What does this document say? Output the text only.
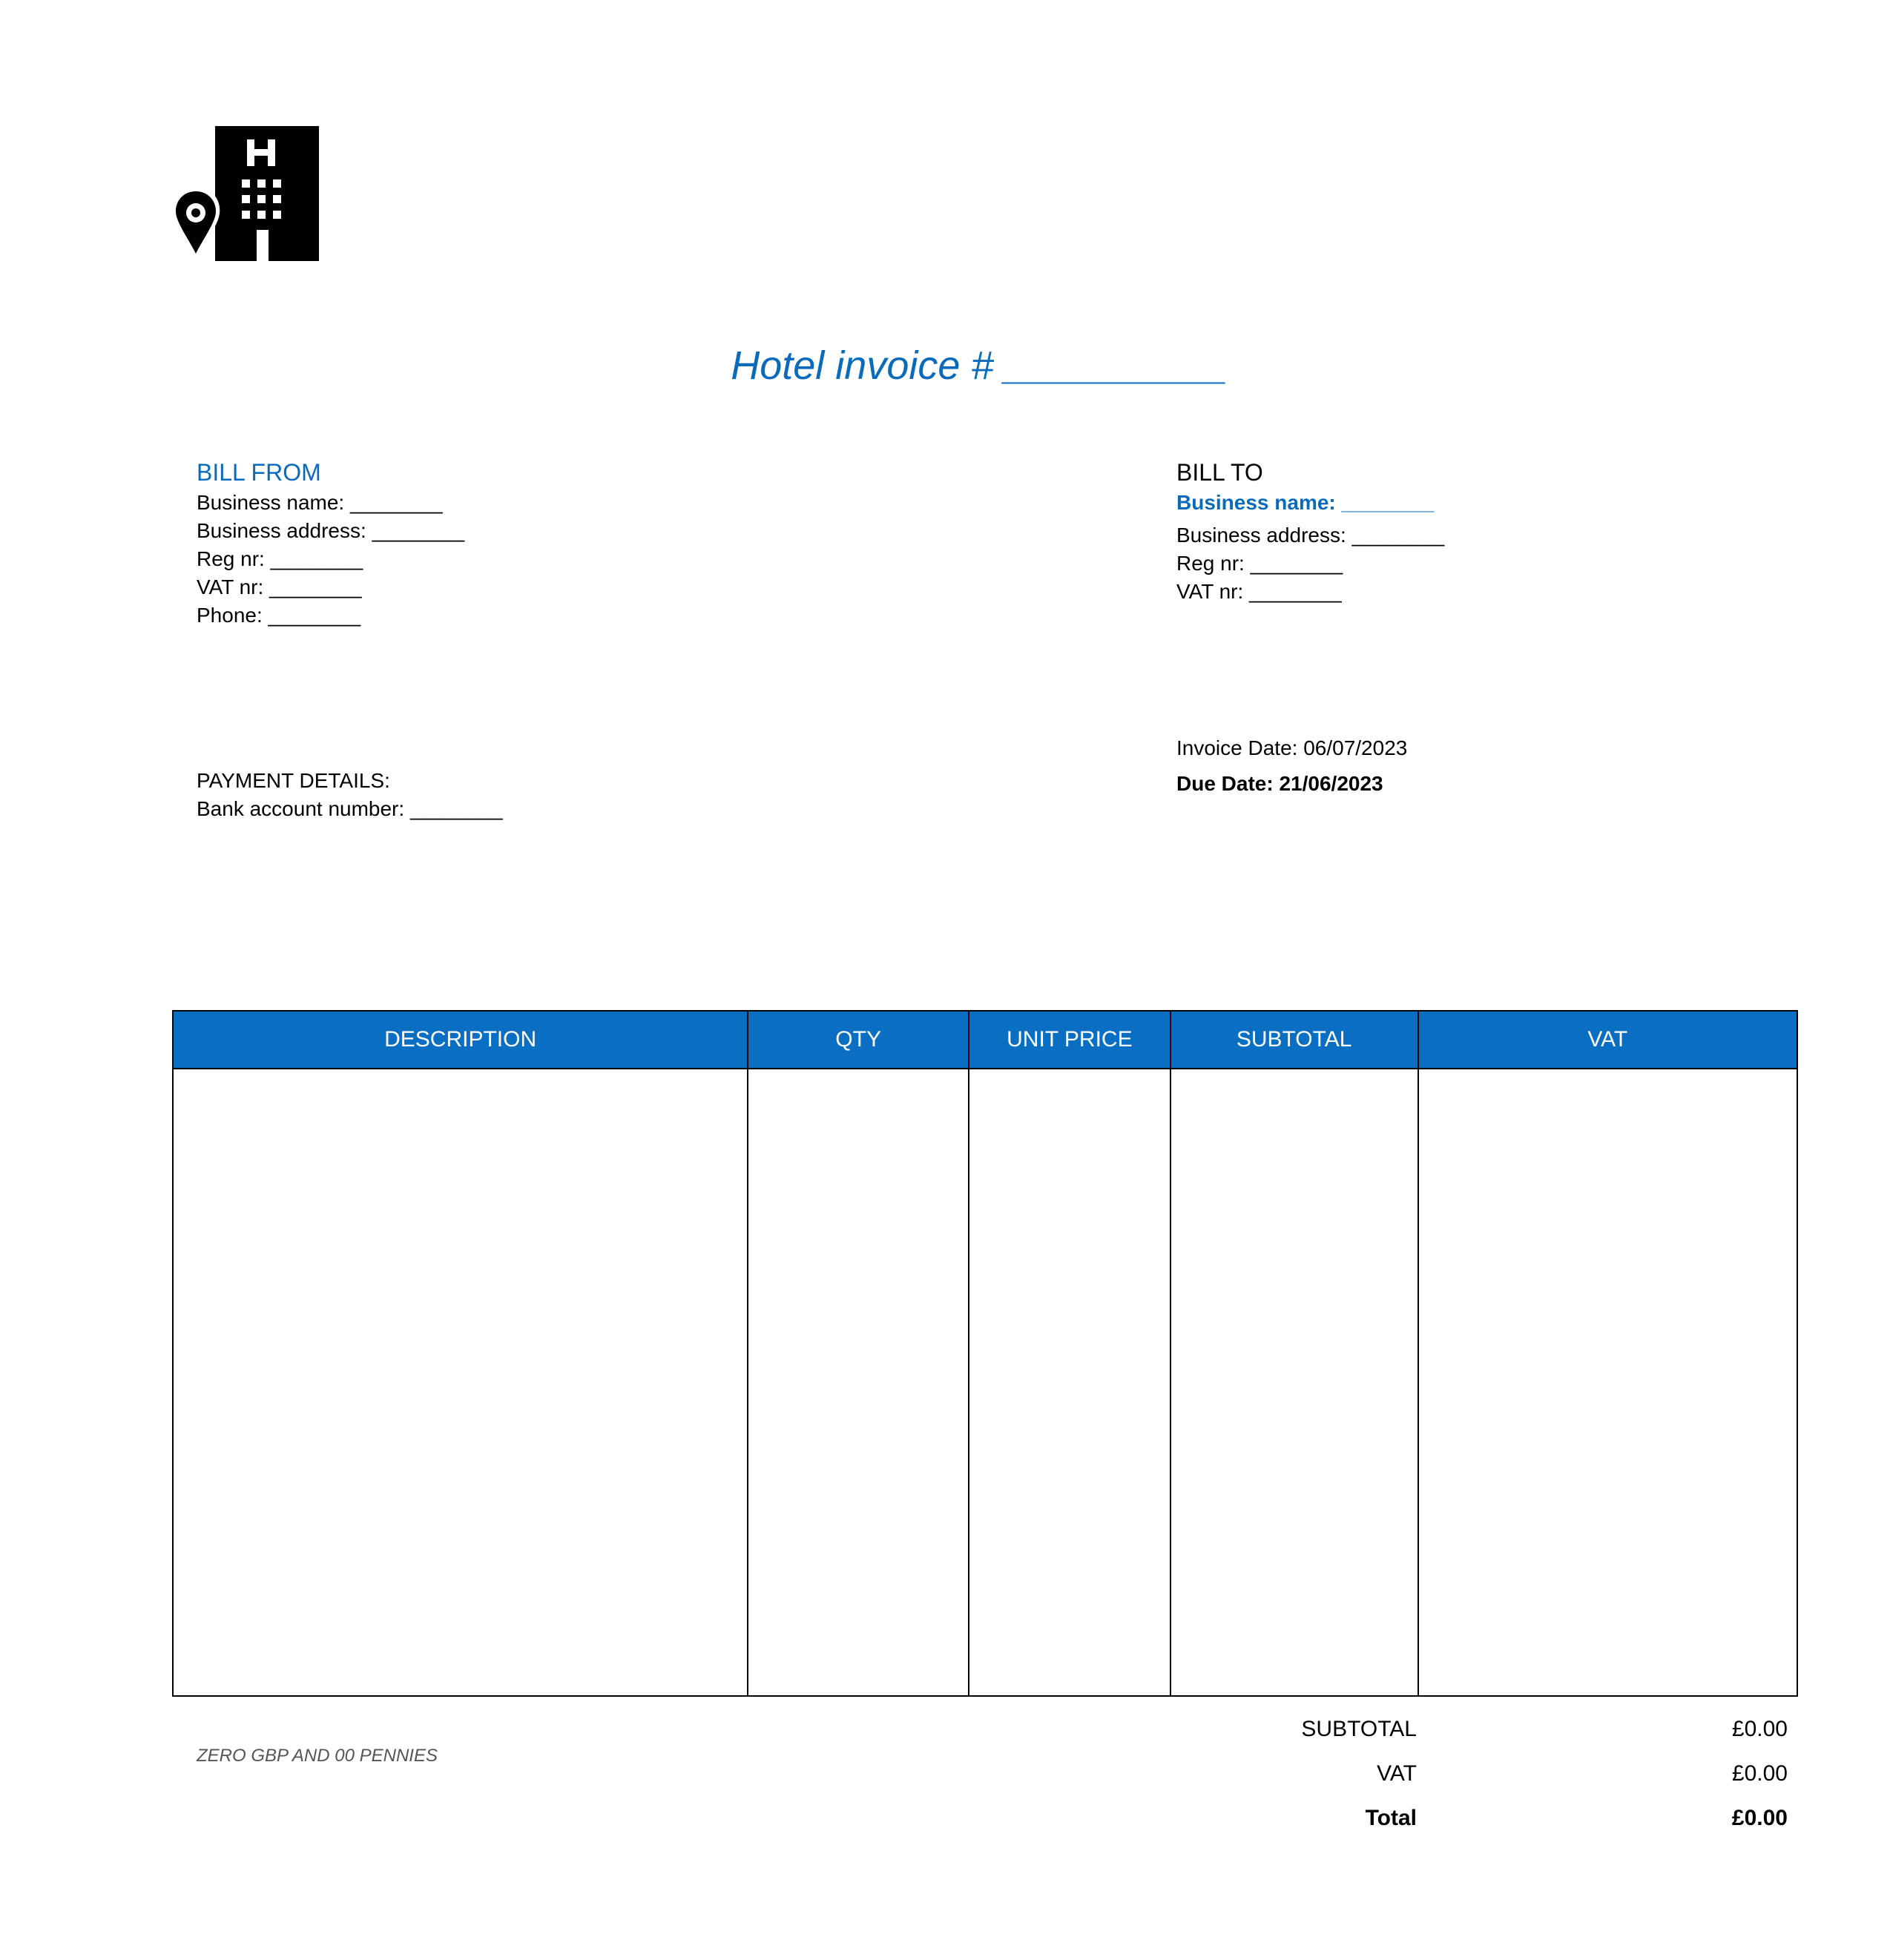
Hotel invoice # __________
BILL FROM
Business name: ________
Business address: ________
Reg nr: ________
VAT nr: ________
Phone: ________
BILL TO
Business name: ________
Business address: ________
Reg nr: ________
VAT nr: ________
Invoice Date: 06/07/2023
Due Date: 21/06/2023
PAYMENT DETAILS:
Bank account number: ________
DESCRIPTION	QTY	UNIT PRICE	SUBTOTAL	VAT

ZERO GBP AND 00 PENNIES
SUBTOTAL	£0.00
VAT	£0.00
Total	£0.00
